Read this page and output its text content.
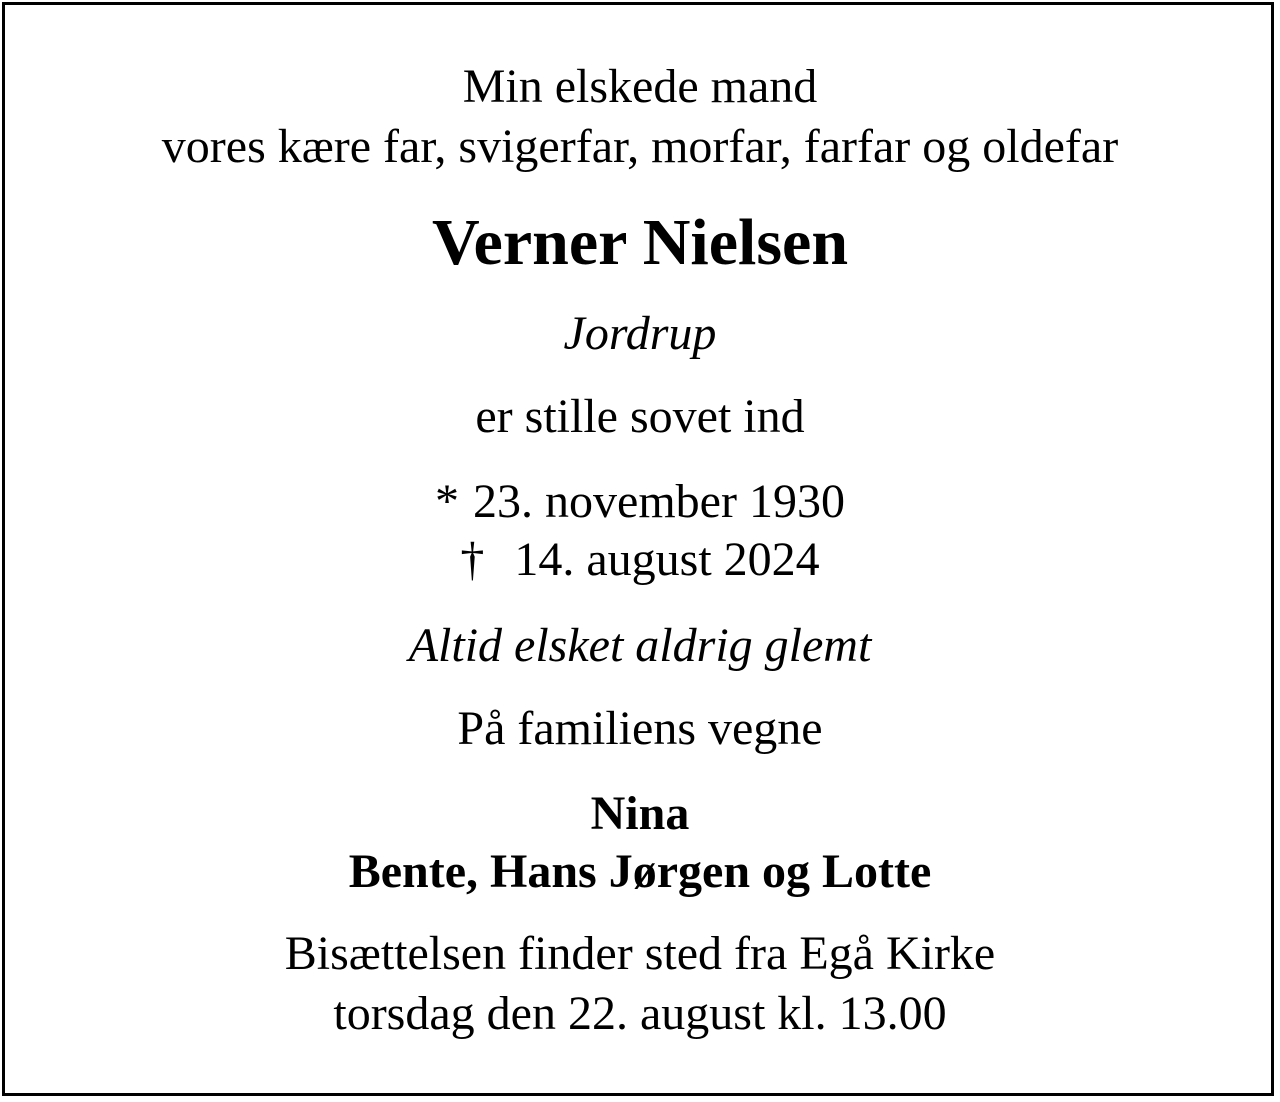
Min elskede mand
vores kære far, svigerfar, morfar, farfar og oldefar
Verner Nielsen
Jordrup
er stille sovet ind
* 23. november 1930
† 14. august 2024
Altid elsket aldrig glemt
På familiens vegne
Nina
Bente, Hans Jørgen og Lotte
Bisættelsen finder sted fra Egå Kirke
torsdag den 22. august kl. 13.00
